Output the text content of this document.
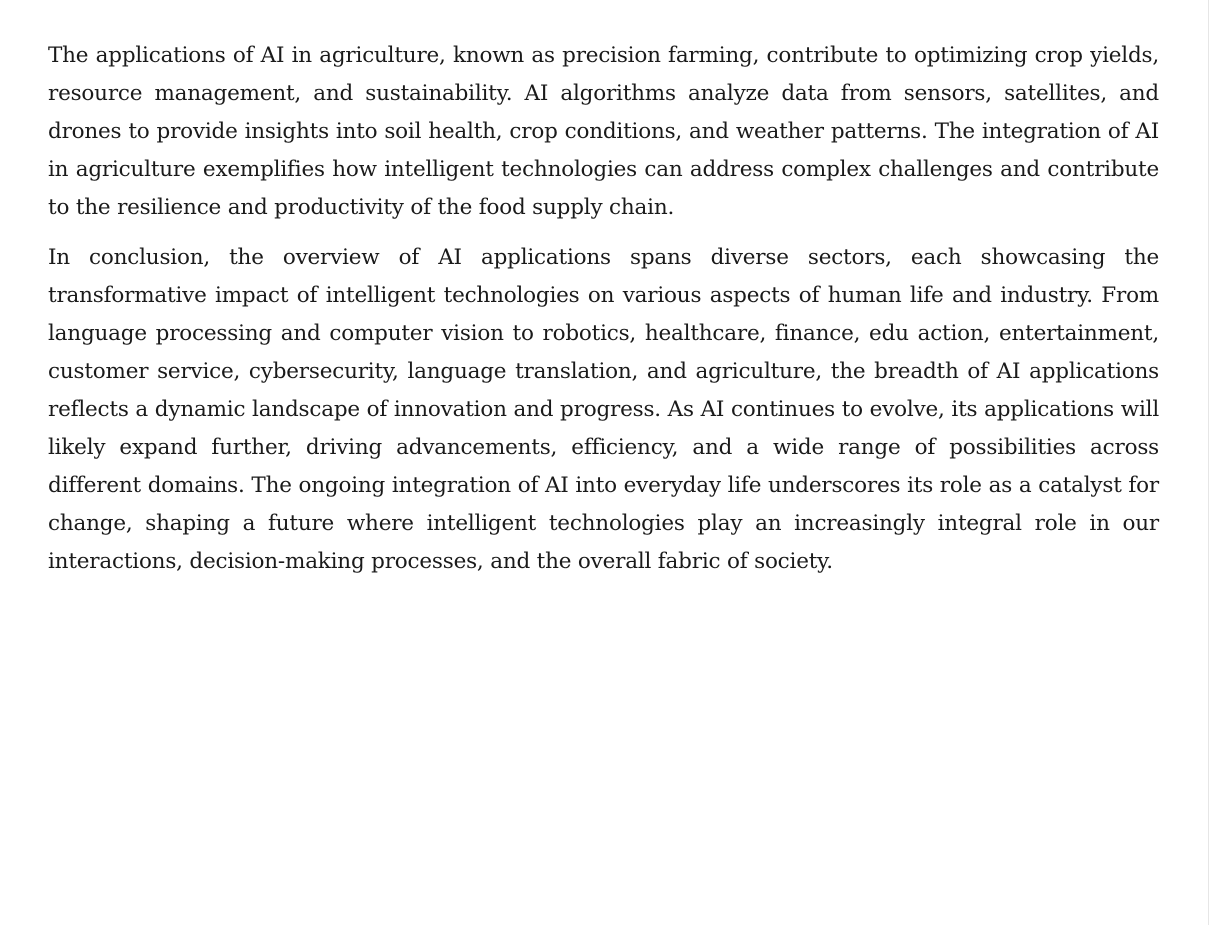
The applications of AI in agriculture, known as precision farming, contribute to optimizing crop yields, resource management, and sustainability. AI algorithms analyze data from sensors, satellites, and drones to provide insights into soil health, crop conditions, and weather patterns. The integration of AI in agriculture exemplifies how intelligent technologies can address complex challenges and contribute to the resilience and productivity of the food supply chain.

In conclusion, the overview of AI applications spans diverse sectors, each showcasing the transformative impact of intelligent technologies on various aspects of human life and industry. From language processing and computer vision to robotics, healthcare, finance, edu action, entertainment, customer service, cybersecurity, language translation, and agriculture, the breadth of AI applications reflects a dynamic landscape of innovation and progress. As AI continues to evolve, its applications will likely expand further, driving advancements, efficiency, and a wide range of possibilities across different domains. The ongoing integration of AI into everyday life underscores its role as a catalyst for change, shaping a future where intelligent technologies play an increasingly integral role in our interactions, decision-making processes, and the overall fabric of society.
